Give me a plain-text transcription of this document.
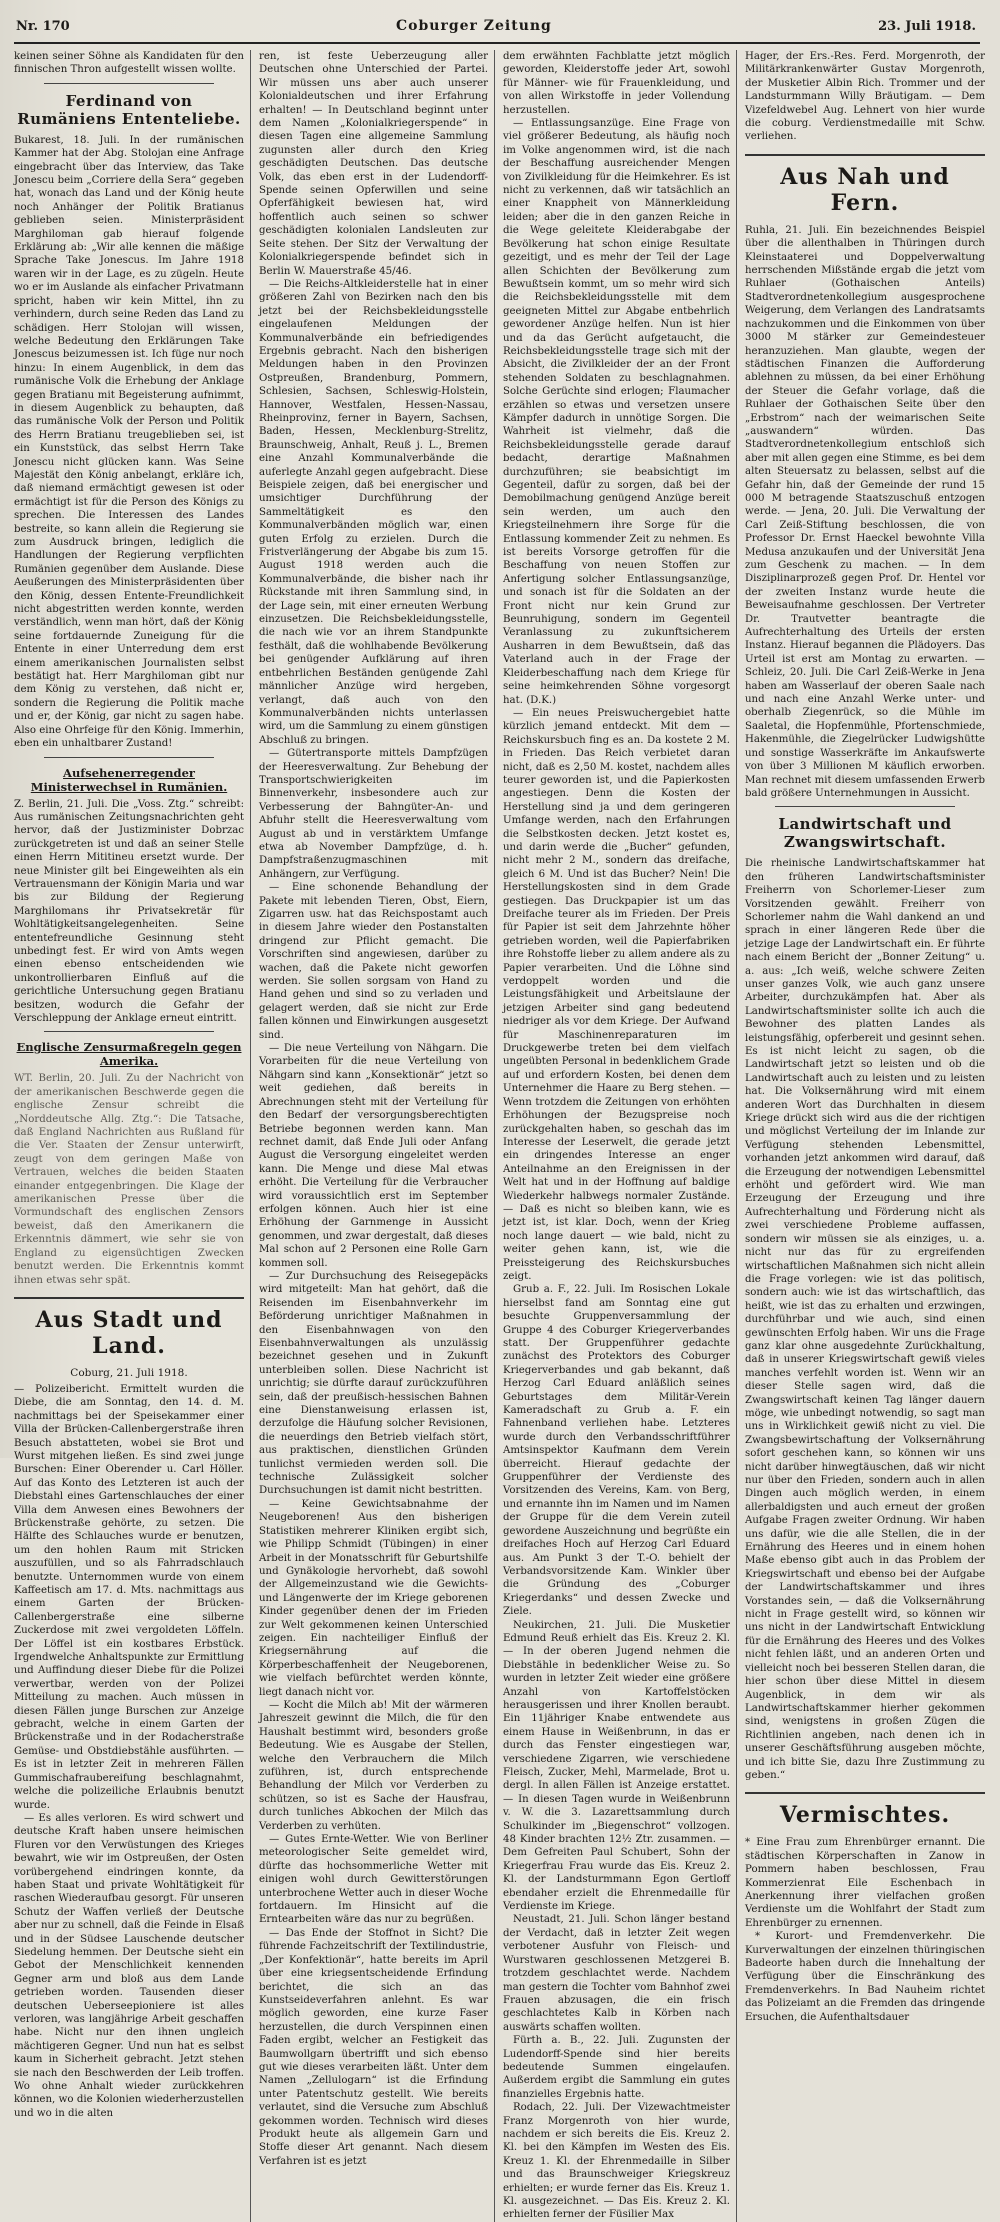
Nr. 170	Coburger Zeitung	23. Juli 1918.

keinen seiner Söhne als Kandidaten für den finnischen Thron aufgestellt wissen wollte.

Ferdinand von Rumäniens Ententeliebe.

Bukarest, 18. Juli. In der rumänischen Kammer hat der Abg. Stolojan eine Anfrage eingebracht über das Interview, das Take Jonescu beim „Corriere della Sera“ gegeben hat, wonach das Land und der König heute noch Anhänger der Politik Bratianus geblieben seien. Ministerpräsident Marghiloman gab hierauf folgende Erklärung ab: „Wir alle kennen die mäßige Sprache Take Jonescus. Im Jahre 1918 waren wir in der Lage, es zu zügeln. Heute wo er im Auslande als einfacher Privatmann spricht, haben wir kein Mittel, ihn zu verhindern, durch seine Reden das Land zu schädigen. Herr Stolojan will wissen, welche Bedeutung den Erklärungen Take Jonescus beizumessen ist. Ich füge nur noch hinzu: In einem Augenblick, in dem das rumänische Volk die Erhebung der Anklage gegen Bratianu mit Begeisterung aufnimmt, in diesem Augenblick zu behaupten, daß das rumänische Volk der Person und Politik des Herrn Bratianu treugeblieben sei, ist ein Kunststück, das selbst Herrn Take Jonescu nicht glücken kann. Was Seine Majestät den König anbelangt, erkläre ich, daß niemand ermächtigt gewesen ist oder ermächtigt ist für die Person des Königs zu sprechen. Die Interessen des Landes bestreite, so kann allein die Regierung sie zum Ausdruck bringen, lediglich die Handlungen der Regierung verpflichten Rumänien gegenüber dem Auslande. Diese Aeußerungen des Ministerpräsidenten über den König, dessen Entente-Freundlichkeit nicht abgestritten werden konnte, werden verständlich, wenn man hört, daß der König seine fortdauernde Zuneigung für die Entente in einer Unterredung dem erst einem amerikanischen Journalisten selbst bestätigt hat. Herr Marghiloman gibt nur dem König zu verstehen, daß nicht er, sondern die Regierung die Politik mache und er, der König, gar nicht zu sagen habe. Also eine Ohrfeige für den König. Immerhin, eben ein unhaltbarer Zustand!

Aufsehenerregender Ministerwechsel in Rumänien.

Z. Berlin, 21. Juli. Die „Voss. Ztg.“ schreibt: Aus rumänischen Zeitungsnachrichten geht hervor, daß der Justizminister Dobrzac zurückgetreten ist und daß an seiner Stelle einen Herrn Mititineu ersetzt wurde. Der neue Minister gilt bei Eingeweihten als ein Vertrauensmann der Königin Maria und war bis zur Bildung der Regierung Marghilomans ihr Privatsekretär für Wohltätigkeitsangelegenheiten. Seine ententefreundliche Gesinnung steht unbedingt fest. Er wird von Amts wegen einen ebenso entscheidenden wie unkontrollierbaren Einfluß auf die gerichtliche Untersuchung gegen Bratianu besitzen, wodurch die Gefahr der Verschleppung der Anklage erneut eintritt.

Englische Zensurmaßregeln gegen Amerika.

WT. Berlin, 20. Juli. Zu der Nachricht von der amerikanischen Beschwerde gegen die englische Zensur schreibt die „Norddeutsche Allg. Ztg.“: Die Tatsache, daß England Nachrichten aus Rußland für die Ver. Staaten der Zensur unterwirft, zeugt von dem geringen Maße von Vertrauen, welches die beiden Staaten einander entgegenbringen. Die Klage der amerikanischen Presse über die Vormundschaft des englischen Zensors beweist, daß den Amerikanern die Erkenntnis dämmert, wie sehr sie von England zu eigensüchtigen Zwecken benutzt werden. Die Erkenntnis kommt ihnen etwas sehr spät.

Aus Stadt und Land.
Coburg, 21. Juli 1918.

— Polizeibericht. Ermittelt wurden die Diebe, die am Sonntag, den 14. d. M. nachmittags bei der Speisekammer einer Villa der Brücken-Callenbergerstraße ihren Besuch abstatteten, wobei sie Brot und Wurst mitgehen ließen. Es sind zwei junge Burschen: Einer Oberender u. Carl Höller. Auf das Konto des Letzteren ist auch der Diebstahl eines Gartenschlauches der einer Villa dem Anwesen eines Bewohners der Brückenstraße gehörte, zu setzen. Die Hälfte des Schlauches wurde er benutzen, um den hohlen Raum mit Stricken auszufüllen, und so als Fahrradschlauch benutzte. Unternommen wurde von einem Kaffeetisch am 17. d. Mts. nachmittags aus einem Garten der Brücken-Callenbergerstraße eine silberne Zuckerdose mit zwei vergoldeten Löffeln. Der Löffel ist ein kostbares Erbstück. Irgendwelche Anhaltspunkte zur Ermittlung und Auffindung dieser Diebe für die Polizei verwertbar, werden von der Polizei Mitteilung zu machen. Auch müssen in diesen Fällen junge Burschen zur Anzeige gebracht, welche in einem Garten der Brückenstraße und in der Rodacherstraße Gemüse- und Obstdiebstähle ausführten. — Es ist in letzter Zeit in mehreren Fällen Gummischafraubereifung beschlagnahmt, welche die polizeiliche Erlaubnis benutzt wurde.

— Es alles verloren. Es wird schwert und deutsche Kraft haben unsere heimischen Fluren vor den Verwüstungen des Krieges bewahrt, wie wir im Ostpreußen, der Osten vorübergehend eindringen konnte, da haben Staat und private Wohltätigkeit für raschen Wiederaufbau gesorgt. Für unseren Schutz der Waffen verließ der Deutsche aber nur zu schnell, daß die Feinde in Elsaß und in der Südsee Lauschende deutscher Siedelung hemmen. Der Deutsche sieht ein Gebot der Menschlichkeit kennenden Gegner arm und bloß aus dem Lande getrieben worden. Tausenden dieser deutschen Ueberseepioniere ist alles verloren, was langjährige Arbeit geschaffen habe. Nicht nur den ihnen ungleich mächtigeren Gegner. Und nun hat es selbst kaum in Sicherheit gebracht. Jetzt stehen sie nach den Beschwerden der Leib troffen. Wo ohne Anhalt wieder zurückkehren können, wo die Kolonien wiederherzustellen und wo in die alten

ren, ist feste Ueberzeugung aller Deutschen ohne Unterschied der Partei. Wir müssen uns aber auch unserer Kolonialdeutschen und ihrer Erfahrung erhalten! — In Deutschland beginnt unter dem Namen „Kolonialkriegerspende“ in diesen Tagen eine allgemeine Sammlung zugunsten aller durch den Krieg geschädigten Deutschen. Das deutsche Volk, das eben erst in der Ludendorff-Spende seinen Opferwillen und seine Opferfähigkeit bewiesen hat, wird hoffentlich auch seinen so schwer geschädigten kolonialen Landsleuten zur Seite stehen. Der Sitz der Verwaltung der Kolonialkriegerspende befindet sich in Berlin W. Mauerstraße 45/46.

— Die Reichs-Altkleiderstelle hat in einer größeren Zahl von Bezirken nach den bis jetzt bei der Reichsbekleidungsstelle eingelaufenen Meldungen der Kommunalverbände ein befriedigendes Ergebnis gebracht. Nach den bisherigen Meldungen haben in den Provinzen Ostpreußen, Brandenburg, Pommern, Schlesien, Sachsen, Schleswig-Holstein, Hannover, Westfalen, Hessen-Nassau, Rheinprovinz, ferner in Bayern, Sachsen, Baden, Hessen, Mecklenburg-Strelitz, Braunschweig, Anhalt, Reuß j. L., Bremen eine Anzahl Kommunalverbände die auferlegte Anzahl gegen aufgebracht. Diese Beispiele zeigen, daß bei energischer und umsichtiger Durchführung der Sammeltätigkeit es den Kommunalverbänden möglich war, einen guten Erfolg zu erzielen. Durch die Fristverlängerung der Abgabe bis zum 15. August 1918 werden auch die Kommunalverbände, die bisher nach ihr Rückstande mit ihren Sammlung sind, in der Lage sein, mit einer erneuten Werbung einzusetzen. Die Reichsbekleidungsstelle, die nach wie vor an ihrem Standpunkte festhält, daß die wohlhabende Bevölkerung bei genügender Aufklärung auf ihren entbehrlichen Beständen genügende Zahl männlicher Anzüge wird hergeben, verlangt, daß auch von den Kommunalverbänden nichts unterlassen wird, um die Sammlung zu einem günstigen Abschluß zu bringen.

— Gütertransporte mittels Dampfzügen der Heeresverwaltung. Zur Behebung der Transportschwierigkeiten im Binnenverkehr, insbesondere auch zur Verbesserung der Bahngüter-An- und Abfuhr stellt die Heeresverwaltung vom August ab und in verstärktem Umfange etwa ab November Dampfzüge, d. h. Dampfstraßenzugmaschinen mit Anhängern, zur Verfügung.

— Eine schonende Behandlung der Pakete mit lebenden Tieren, Obst, Eiern, Zigarren usw. hat das Reichspostamt auch in diesem Jahre wieder den Postanstalten dringend zur Pflicht gemacht. Die Vorschriften sind angewiesen, darüber zu wachen, daß die Pakete nicht geworfen werden. Sie sollen sorgsam von Hand zu Hand gehen und sind so zu verladen und gelagert werden, daß sie nicht zur Erde fallen können und Einwirkungen ausgesetzt sind.

— Die neue Verteilung von Nähgarn. Die Vorarbeiten für die neue Verteilung von Nähgarn sind kann „Konsektionär“ jetzt so weit gediehen, daß bereits in Abrechnungen steht mit der Verteilung für den Bedarf der versorgungsberechtigten Betriebe begonnen werden kann. Man rechnet damit, daß Ende Juli oder Anfang August die Versorgung eingeleitet werden kann. Die Menge und diese Mal etwas erhöht. Die Verteilung für die Verbraucher wird voraussichtlich erst im September erfolgen können. Auch hier ist eine Erhöhung der Garnmenge in Aussicht genommen, und zwar dergestalt, daß dieses Mal schon auf 2 Personen eine Rolle Garn kommen soll.

— Zur Durchsuchung des Reisegepäcks wird mitgeteilt: Man hat gehört, daß die Reisenden im Eisenbahnverkehr im Beförderung unrichtiger Maßnahmen in den Eisenbahnwagen von den Eisenbahnverwaltungen als unzulässig bezeichnet gesehen und in Zukunft unterbleiben sollen. Diese Nachricht ist unrichtig; sie dürfte darauf zurückzuführen sein, daß der preußisch-hessischen Bahnen eine Dienstanweisung erlassen ist, derzufolge die Häufung solcher Revisionen, die neuerdings den Betrieb vielfach stört, aus praktischen, dienstlichen Gründen tunlichst vermieden werden soll. Die technische Zulässigkeit solcher Durchsuchungen ist damit nicht bestritten.

— Keine Gewichtsabnahme der Neugeborenen! Aus den bisherigen Statistiken mehrerer Kliniken ergibt sich, wie Philipp Schmidt (Tübingen) in einer Arbeit in der Monatsschrift für Geburtshilfe und Gynäkologie hervorhebt, daß sowohl der Allgemeinzustand wie die Gewichts- und Längenwerte der im Kriege geborenen Kinder gegenüber denen der im Frieden zur Welt gekommenen keinen Unterschied zeigen. Ein nachteiliger Einfluß der Kriegsernährung auf die Körperbeschaffenheit der Neugeborenen, wie vielfach befürchtet werden könnte, liegt danach nicht vor.

— Kocht die Milch ab! Mit der wärmeren Jahreszeit gewinnt die Milch, die für den Haushalt bestimmt wird, besonders große Bedeutung. Wie es Ausgabe der Stellen, welche den Verbrauchern die Milch zuführen, ist, durch entsprechende Behandlung der Milch vor Verderben zu schützen, so ist es Sache der Hausfrau, durch tunliches Abkochen der Milch das Verderben zu verhüten.

— Gutes Ernte-Wetter. Wie von Berliner meteorologischer Seite gemeldet wird, dürfte das hochsommerliche Wetter mit einigen wohl durch Gewitterstörungen unterbrochene Wetter auch in dieser Woche fortdauern. Im Hinsicht auf die Erntearbeiten wäre das nur zu begrüßen.

— Das Ende der Stoffnot in Sicht? Die führende Fachzeitschrift der Textilindustrie, „Der Konfektionär“, hatte bereits im April über eine kriegsentscheidende Erfindung berichtet, die sich an das Kunstseideverfahren anlehnt. Es war möglich geworden, eine kurze Faser herzustellen, die durch Verspinnen einen Faden ergibt, welcher an Festigkeit das Baumwollgarn übertrifft und sich ebenso gut wie dieses verarbeiten läßt. Unter dem Namen „Zellulogarn“ ist die Erfindung unter Patentschutz gestellt. Wie bereits verlautet, sind die Versuche zum Abschluß gekommen worden. Technisch wird dieses Produkt heute als allgemein Garn und Stoffe dieser Art genannt. Nach diesem Verfahren ist es jetzt

dem erwähnten Fachblatte jetzt möglich geworden, Kleiderstoffe jeder Art, sowohl für Männer- wie für Frauenkleidung, und von allen Wirkstoffe in jeder Vollendung herzustellen.

— Entlassungsanzüge. Eine Frage von viel größerer Bedeutung, als häufig noch im Volke angenommen wird, ist die nach der Beschaffung ausreichender Mengen von Zivilkleidung für die Heimkehrer. Es ist nicht zu verkennen, daß wir tatsächlich an einer Knappheit von Männerkleidung leiden; aber die in den ganzen Reiche in die Wege geleitete Kleiderabgabe der Bevölkerung hat schon einige Resultate gezeitigt, und es mehr der Teil der Lage allen Schichten der Bevölkerung zum Bewußtsein kommt, um so mehr wird sich die Reichsbekleidungsstelle mit dem geeigneten Mittel zur Abgabe entbehrlich gewordener Anzüge helfen. Nun ist hier und da das Gerücht aufgetaucht, die Reichsbekleidungsstelle trage sich mit der Absicht, die Zivilkleider der an der Front stehenden Soldaten zu beschlagnahmen. Solche Gerüchte sind erlogen; Flaumacher erzählen so etwas und versetzen unsere Kämpfer dadurch in unnötige Sorgen. Die Wahrheit ist vielmehr, daß die Reichsbekleidungsstelle gerade darauf bedacht, derartige Maßnahmen durchzuführen; sie beabsichtigt im Gegenteil, dafür zu sorgen, daß bei der Demobilmachung genügend Anzüge bereit sein werden, um auch den Kriegsteilnehmern ihre Sorge für die Entlassung kommender Zeit zu nehmen. Es ist bereits Vorsorge getroffen für die Beschaffung von neuen Stoffen zur Anfertigung solcher Entlassungsanzüge, und sonach ist für die Soldaten an der Front nicht nur kein Grund zur Beunruhigung, sondern im Gegenteil Veranlassung zu zukunftsicherem Ausharren in dem Bewußtsein, daß das Vaterland auch in der Frage der Kleiderbeschaffung nach dem Kriege für seine heimkehrenden Söhne vorgesorgt hat. (D.K.)

— Ein neues Preiswuchergebiet hatte kürzlich jemand entdeckt. Mit dem — Reichskursbuch fing es an. Da kostete 2 M. in Frieden. Das Reich verbietet daran nicht, daß es 2,50 M. kostet, nachdem alles teurer geworden ist, und die Papierkosten angestiegen. Denn die Kosten der Herstellung sind ja und dem geringeren Umfange werden, nach den Erfahrungen die Selbstkosten decken. Jetzt kostet es, und darin werde die „Bucher“ gefunden, nicht mehr 2 M., sondern das dreifache, gleich 6 M. Und ist das Bucher? Nein! Die Herstellungskosten sind in dem Grade gestiegen. Das Druckpapier ist um das Dreifache teurer als im Frieden. Der Preis für Papier ist seit dem Jahrzehnte höher getrieben worden, weil die Papierfabriken ihre Rohstoffe lieber zu allem andere als zu Papier verarbeiten. Und die Löhne sind verdoppelt worden und die Leistungsfähigkeit und Arbeitslaune der jetzigen Arbeiter sind gang bedeutend niedriger als vor dem Kriege. Der Aufwand für Maschinenreparaturen im Druckgewerbe treten bei dem vielfach ungeübten Personal in bedenklichem Grade auf und erfordern Kosten, bei denen dem Unternehmer die Haare zu Berg stehen. — Wenn trotzdem die Zeitungen von erhöhten Erhöhungen der Bezugspreise noch zurückgehalten haben, so geschah das im Interesse der Leserwelt, die gerade jetzt ein dringendes Interesse an enger Anteilnahme an den Ereignissen in der Welt hat und in der Hoffnung auf baldige Wiederkehr halbwegs normaler Zustände. — Daß es nicht so bleiben kann, wie es jetzt ist, ist klar. Doch, wenn der Krieg noch lange dauert — wie bald, nicht zu weiter gehen kann, ist, wie die Preissteigerung des Reichskursbuches zeigt.

Grub a. F., 22. Juli. Im Rosischen Lokale hierselbst fand am Sonntag eine gut besuchte Gruppenversammlung der Gruppe 4 des Coburger Kriegerverbandes statt. Der Gruppenführer gedachte zunächst des Protektors des Coburger Kriegerverbandes und gab bekannt, daß Herzog Carl Eduard anläßlich seines Geburtstages dem Militär-Verein Kameradschaft zu Grub a. F. ein Fahnenband verliehen habe. Letzteres wurde durch den Verbandsschriftführer Amtsinspektor Kaufmann dem Verein überreicht. Hierauf gedachte der Gruppenführer der Verdienste des Vorsitzenden des Vereins, Kam. von Berg, und ernannte ihn im Namen und im Namen der Gruppe für die dem Verein zuteil gewordene Auszeichnung und begrüßte ein dreifaches Hoch auf Herzog Carl Eduard aus. Am Punkt 3 der T.-O. behielt der Verbandsvorsitzende Kam. Winkler über die Gründung des „Coburger Kriegerdanks“ und dessen Zwecke und Ziele.

Neukirchen, 21. Juli. Die Musketier Edmund Reuß erhielt das Eis. Kreuz 2. Kl. — In der oberen Jugend nehmen die Diebstähle in bedenklicher Weise zu. So wurden in letzter Zeit wieder eine größere Anzahl von Kartoffelstöcken herausgerissen und ihrer Knollen beraubt. Ein 11jähriger Knabe entwendete aus einem Hause in Weißenbrunn, in das er durch das Fenster eingestiegen war, verschiedene Zigarren, wie verschiedene Fleisch, Zucker, Mehl, Marmelade, Brot u. dergl. In allen Fällen ist Anzeige erstattet. — In diesen Tagen wurde in Weißenbrunn v. W. die 3. Lazarettsammlung durch Schulkinder im „Biegenschrot“ vollzogen. 48 Kinder brachten 12½ Ztr. zusammen. — Dem Gefreiten Paul Schubert, Sohn der Kriegerfrau Frau wurde das Eis. Kreuz 2. Kl. der Landsturmmann Egon Gertloff ebendaher erzielt die Ehrenmedaille für Verdienste im Kriege.

Neustadt, 21. Juli. Schon länger bestand der Verdacht, daß in letzter Zeit wegen verbotener Ausfuhr von Fleisch- und Wurstwaren geschlossenen Metzgerei B. trotzdem geschlachtet werde. Nachdem man gestern die Tochter vom Bahnhof zwei Frauen abzusagen, die ein frisch geschlachtetes Kalb in Körben nach auswärts schaffen wollten.

Fürth a. B., 22. Juli. Zugunsten der Ludendorff-Spende sind hier bereits bedeutende Summen eingelaufen. Außerdem ergibt die Sammlung ein gutes finanzielles Ergebnis hatte.

Rodach, 22. Juli. Der Vizewachtmeister Franz Morgenroth von hier wurde, nachdem er sich bereits die Eis. Kreuz 2. Kl. bei den Kämpfen im Westen des Eis. Kreuz 1. Kl. der Ehrenmedaille in Silber und das Braunschweiger Kriegskreuz erhielten; er wurde ferner das Eis. Kreuz 1. Kl. ausgezeichnet. — Das Eis. Kreuz 2. Kl. erhielten ferner der Füsilier Max

Hager, der Ers.-Res. Ferd. Morgenroth, der Militärkrankenwärter Gustav Morgenroth, der Musketier Albin Rich. Trommer und der Landsturmmann Willy Bräutigam. — Dem Vizefeldwebel Aug. Lehnert von hier wurde die coburg. Verdienstmedaille mit Schw. verliehen.

Aus Nah und Fern.

Ruhla, 21. Juli. Ein bezeichnendes Beispiel über die allenthalben in Thüringen durch Kleinstaaterei und Doppelverwaltung herrschenden Mißstände ergab die jetzt vom Ruhlaer (Gothaischen Anteils) Stadtverordnetenkollegium ausgesprochene Weigerung, dem Verlangen des Landratsamts nachzukommen und die Einkommen von über 3000 M stärker zur Gemeindesteuer heranzuziehen. Man glaubte, wegen der städtischen Finanzen die Aufforderung ablehnen zu müssen, da bei einer Erhöhung der Steuer die Gefahr vorlage, daß die Ruhlaer der Gothaischen Seite über den „Erbstrom“ nach der weimarischen Seite „auswandern“ würden. Das Stadtverordnetenkollegium entschloß sich aber mit allen gegen eine Stimme, es bei dem alten Steuersatz zu belassen, selbst auf die Gefahr hin, daß der Gemeinde der rund 15 000 M betragende Staatszuschuß entzogen werde. — Jena, 20. Juli. Die Verwaltung der Carl Zeiß-Stiftung beschlossen, die von Professor Dr. Ernst Haeckel bewohnte Villa Medusa anzukaufen und der Universität Jena zum Geschenk zu machen. — In dem Disziplinarprozeß gegen Prof. Dr. Hentel vor der zweiten Instanz wurde heute die Beweisaufnahme geschlossen. Der Vertreter Dr. Trautvetter beantragte die Aufrechterhaltung des Urteils der ersten Instanz. Hierauf begannen die Plädoyers. Das Urteil ist erst am Montag zu erwarten. — Schleiz, 20. Juli. Die Carl Zeiß-Werke in Jena haben am Wasserlauf der oberen Saale nach und nach eine Anzahl Werke unter- und oberhalb Ziegenrück, so die Mühle im Saaletal, die Hopfenmühle, Pfortenschmiede, Hakenmühle, die Ziegelrücker Ludwigshütte und sonstige Wasserkräfte im Ankaufswerte von über 3 Millionen M käuflich erworben. Man rechnet mit diesem umfassenden Erwerb bald größere Unternehmungen in Aussicht.

Landwirtschaft und Zwangswirtschaft.

Die rheinische Landwirtschaftskammer hat den früheren Landwirtschaftsminister Freiherrn von Schorlemer-Lieser zum Vorsitzenden gewählt. Freiherr von Schorlemer nahm die Wahl dankend an und sprach in einer längeren Rede über die jetzige Lage der Landwirtschaft ein. Er führte nach einem Bericht der „Bonner Zeitung“ u. a. aus: „Ich weiß, welche schwere Zeiten unser ganzes Volk, wie auch ganz unsere Arbeiter, durchzukämpfen hat. Aber als Landwirtschaftsminister sollte ich auch die Bewohner des platten Landes als leistungsfähig, opferbereit und gesinnt sehen. Es ist nicht leicht zu sagen, ob die Landwirtschaft jetzt so leisten und ob die Landwirtschaft auch zu leisten und zu leisten hat. Die Volksernährung wird mit einem anderen Wort das Durchhalten in diesem Kriege drückt sich wird aus die der richtigen und möglichst Verteilung der im Inlande zur Verfügung stehenden Lebensmittel, vorhanden jetzt ankommen wird darauf, daß die Erzeugung der notwendigen Lebensmittel erhöht und gefördert wird. Wie man Erzeugung der Erzeugung und ihre Aufrechterhaltung und Förderung nicht als zwei verschiedene Probleme auffassen, sondern wir müssen sie als einziges, u. a. nicht nur das für zu ergreifenden wirtschaftlichen Maßnahmen sich nicht allein die Frage vorlegen: wie ist das politisch, sondern auch: wie ist das wirtschaftlich, das heißt, wie ist das zu erhalten und erzwingen, durchführbar und wie auch, sind einen gewünschten Erfolg haben. Wir uns die Frage ganz klar ohne ausgedehnte Zurückhaltung, daß in unserer Kriegswirtschaft gewiß vieles manches verfehlt worden ist. Wenn wir an dieser Stelle sagen wird, daß die Zwangswirtschaft keinen Tag länger dauern möge, wie unbedingt notwendig, so sagt man uns in Wirklichkeit gewiß nicht zu viel. Die Zwangsbewirtschaftung der Volksernährung sofort geschehen kann, so können wir uns nicht darüber hinwegtäuschen, daß wir nicht nur über den Frieden, sondern auch in allen Dingen auch möglich werden, in einem allerbaldigsten und auch erneut der großen Aufgabe Fragen zweiter Ordnung. Wir haben uns dafür, wie die alle Stellen, die in der Ernährung des Heeres und in einem hohen Maße ebenso gibt auch in das Problem der Kriegswirtschaft und ebenso bei der Aufgabe der Landwirtschaftskammer und ihres Vorstandes sein, — daß die Volksernährung nicht in Frage gestellt wird, so können wir uns nicht in der Landwirtschaft Entwicklung für die Ernährung des Heeres und des Volkes nicht fehlen läßt, und an anderen Orten und vielleicht noch bei besseren Stellen daran, die hier schon über diese Mittel in diesem Augenblick, in dem wir als Landwirtschaftskammer hierher gekommen sind, wenigstens in großen Zügen die Richtlinien angeben, nach denen ich in unserer Geschäftsführung ausgeben möchte, und ich bitte Sie, dazu Ihre Zustimmung zu geben.“

Vermischtes.

* Eine Frau zum Ehrenbürger ernannt. Die städtischen Körperschaften in Zanow in Pommern haben beschlossen, Frau Kommerzienrat Eile Eschenbach in Anerkennung ihrer vielfachen großen Verdienste um die Wohlfahrt der Stadt zum Ehrenbürger zu ernennen.

* Kurort- und Fremdenverkehr. Die Kurverwaltungen der einzelnen thüringischen Badeorte haben durch die Innehaltung der Verfügung über die Einschränkung des Fremdenverkehrs. In Bad Nauheim richtet das Polizeiamt an die Fremden das dringende Ersuchen, die Aufenthaltsdauer
